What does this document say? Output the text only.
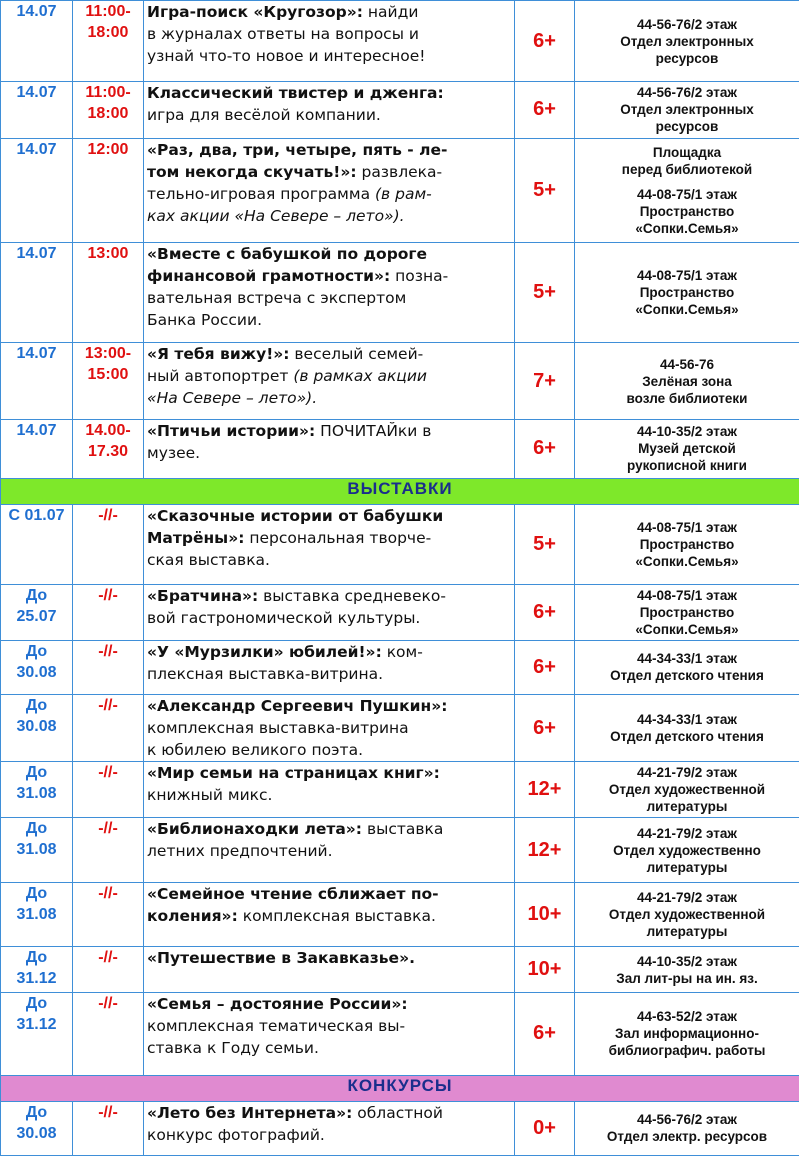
14.07	11:00-
18:00	Игра-поиск «Кругозор»: найди
в журналах ответы на вопросы и
узнай что-то новое и интересное!	6+	44-56-76/2 этаж
Отдел электронных
ресурсов

14.07	11:00-
18:00	Классический твистер и дженга:
игра для весёлой компании.	6+	44-56-76/2 этаж
Отдел электронных
ресурсов

14.07	12:00	«Раз, два, три, четыре, пять - ле-
том некогда скучать!»: развлека-
тельно-игровая программа (в рам-
ках акции «На Севере – лето»).	5+	Площадка
перед библиотекой
44-08-75/1 этаж
Пространство
«Сопки.Семья»

14.07	13:00	«Вместе с бабушкой по дороге
финансовой грамотности»: позна-
вательная встреча с экспертом
Банка России.	5+	44-08-75/1 этаж
Пространство
«Сопки.Семья»

14.07	13:00-
15:00	«Я тебя вижу!»: веселый семей-
ный автопортрет (в рамках акции
«На Севере – лето»).	7+	44-56-76
Зелёная зона
возле библиотеки

14.07	14.00-
17.30	«Птичьи истории»: ПОЧИТАЙки в
музее.	6+	44-10-35/2 этаж
Музей детской
рукописной книги

ВЫСТАВКИ				
С 01.07	-//-	«Сказочные истории от бабушки
Матрёны»: персональная творче-
ская выставка.	5+	44-08-75/1 этаж
Пространство
«Сопки.Семья»

До
25.07	-//-	«Братчина»: выставка средневеко-
вой гастрономической культуры.	6+	44-08-75/1 этаж
Пространство
«Сопки.Семья»

До
30.08	-//-	«У «Мурзилки» юбилей!»: ком-
плексная выставка-витрина.	6+	44-34-33/1 этаж
Отдел детского чтения

До
30.08	-//-	«Александр Сергеевич Пушкин»:
комплексная выставка-витрина
к юбилею великого поэта.	6+	44-34-33/1 этаж
Отдел детского чтения

До
31.08	-//-	«Мир семьи на страницах книг»:
книжный микс.	12+	44-21-79/2 этаж
Отдел художественной
литературы

До
31.08	-//-	«Библионаходки лета»: выставка
летних предпочтений.	12+	44-21-79/2 этаж
Отдел художественно
литературы

До
31.08	-//-	«Семейное чтение сближает по-
коления»: комплексная выставка.	10+	44-21-79/2 этаж
Отдел художественной
литературы

До
31.12	-//-	«Путешествие в Закавказье».	10+	44-10-35/2 этаж
Зал лит-ры на ин. яз.

До
31.12	-//-	«Семья – достояние России»:
комплексная тематическая вы-
ставка к Году семьи.	6+	44-63-52/2 этаж
Зал информационно-
библиографич. работы

КОНКУРСЫ				
До
30.08	-//-	«Лето без Интернета»: областной
конкурс фотографий.	0+	44-56-76/2 этаж
Отдел электр. ресурсов
